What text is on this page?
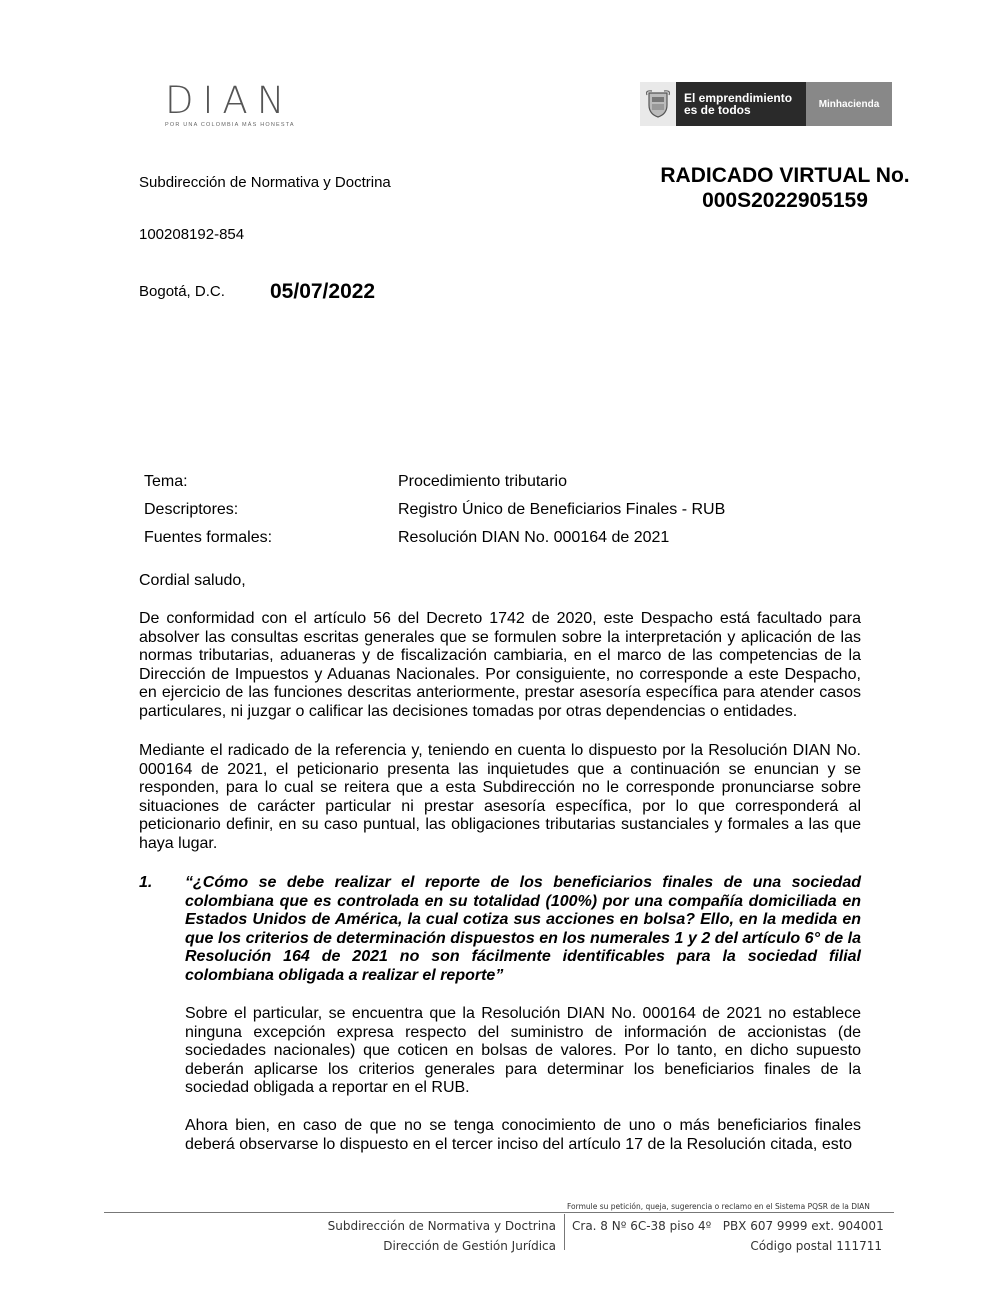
DIAN
POR UNA COLOMBIA MÁS HONESTA
El emprendimiento
es de todos	Minhacienda
Subdirección de Normativa y Doctrina	RADICADO VIRTUAL No.
000S2022905159
100208192-854
Bogotá, D.C. 05/07/2022
Tema:	Procedimiento tributario
Descriptores:	Registro Único de Beneficiarios Finales - RUB
Fuentes formales:	Resolución DIAN No. 000164 de 2021
Cordial saludo,
De conformidad con el artículo 56 del Decreto 1742 de 2020, este Despacho está facultado para absolver las consultas escritas generales que se formulen sobre la interpretación y aplicación de las normas tributarias, aduaneras y de fiscalización cambiaria, en el marco de las competencias de la Dirección de Impuestos y Aduanas Nacionales. Por consiguiente, no corresponde a este Despacho, en ejercicio de las funciones descritas anteriormente, prestar asesoría específica para atender casos particulares, ni juzgar o calificar las decisiones tomadas por otras dependencias o entidades.
Mediante el radicado de la referencia y, teniendo en cuenta lo dispuesto por la Resolución DIAN No. 000164 de 2021, el peticionario presenta las inquietudes que a continuación se enuncian y se responden, para lo cual se reitera que a esta Subdirección no le corresponde pronunciarse sobre situaciones de carácter particular ni prestar asesoría específica, por lo que corresponderá al peticionario definir, en su caso puntual, las obligaciones tributarias sustanciales y formales a las que haya lugar.
1. “¿Cómo se debe realizar el reporte de los beneficiarios finales de una sociedad colombiana que es controlada en su totalidad (100%) por una compañía domiciliada en Estados Unidos de América, la cual cotiza sus acciones en bolsa? Ello, en la medida en que los criterios de determinación dispuestos en los numerales 1 y 2 del artículo 6° de la Resolución 164 de 2021 no son fácilmente identificables para la sociedad filial colombiana obligada a realizar el reporte”
Sobre el particular, se encuentra que la Resolución DIAN No. 000164 de 2021 no establece ninguna excepción expresa respecto del suministro de información de accionistas (de sociedades nacionales) que coticen en bolsas de valores. Por lo tanto, en dicho supuesto deberán aplicarse los criterios generales para determinar los beneficiarios finales de la sociedad obligada a reportar en el RUB.
Ahora bien, en caso de que no se tenga conocimiento de uno o más beneficiarios finales deberá observarse lo dispuesto en el tercer inciso del artículo 17 de la Resolución citada, esto
Formule su petición, queja, sugerencia o reclamo en el Sistema PQSR de la DIAN
Subdirección de Normativa y Doctrina
Dirección de Gestión Jurídica
Cra. 8 Nº 6C-38 piso 4º   PBX 607 9999 ext. 904001
Código postal 111711
